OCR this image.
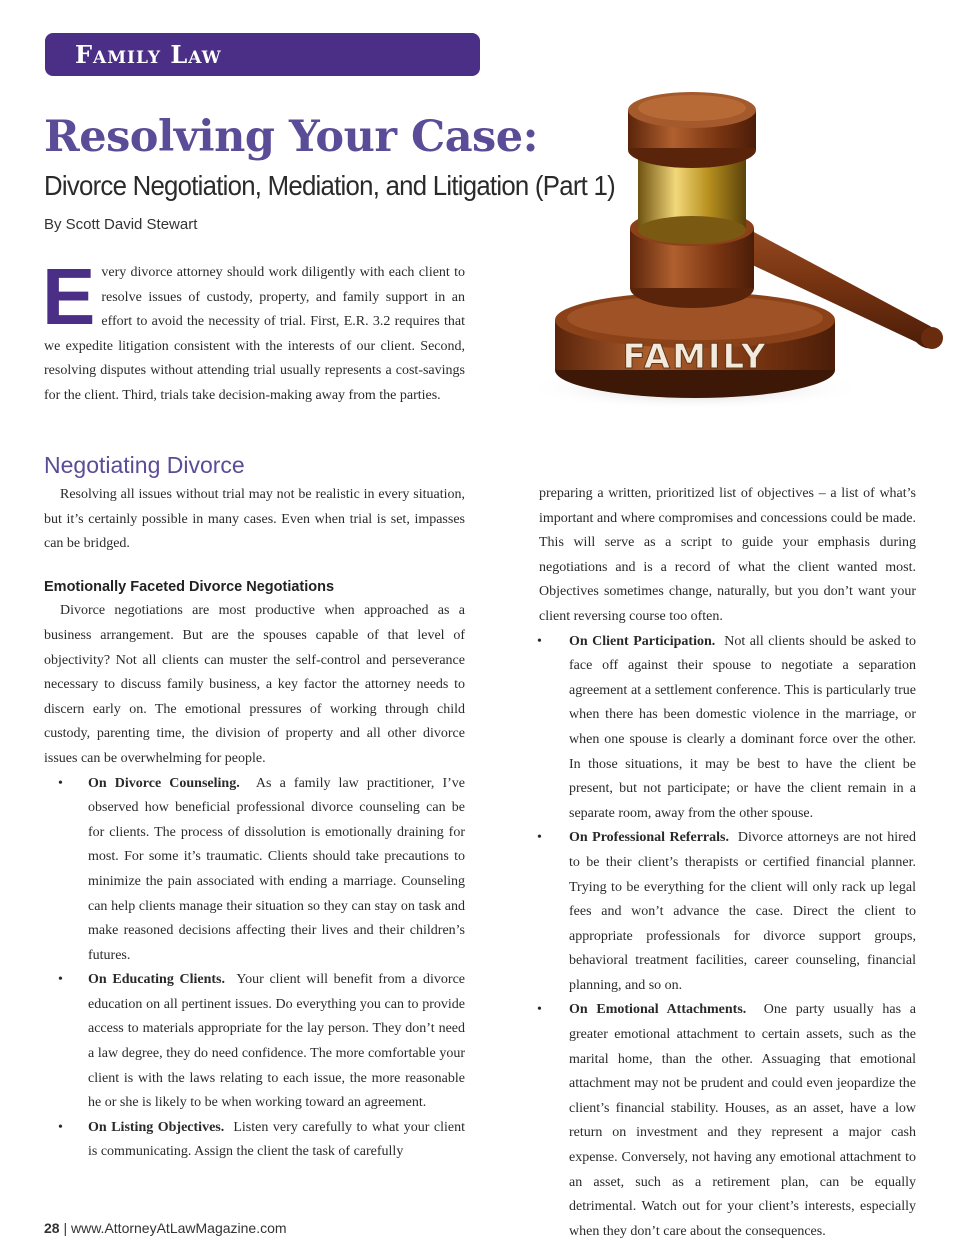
Family Law
Resolving Your Case:
Divorce Negotiation, Mediation, and Litigation (Part 1)
By Scott David Stewart
E very divorce attorney should work diligently with each client to resolve issues of custody, property, and family support in an effort to avoid the necessity of trial. First, E.R. 3.2 requires that we expedite litigation consistent with the interests of our client. Second, resolving disputes without attending trial usually represents a cost-savings for the client. Third, trials take decision-making away from the parties.
FAMILY
Negotiating Divorce

Resolving all issues without trial may not be realistic in every situation, but it’s certainly possible in many cases. Even when trial is set, impasses can be bridged.

Emotionally Faceted Divorce Negotiations

Divorce negotiations are most productive when approached as a business arrangement. But are the spouses capable of that level of objectivity? Not all clients can muster the self-control and perseverance necessary to discuss family business, a key factor the attorney needs to discern early on. The emotional pressures of working through child custody, parenting time, the division of property and all other divorce issues can be overwhelming for people.

• On Divorce Counseling. As a family law practitioner, I’ve observed how beneficial professional divorce counseling can be for clients. The process of dissolution is emotionally draining for most. For some it’s traumatic. Clients should take precautions to minimize the pain associated with ending a marriage. Counseling can help clients manage their situation so they can stay on task and make reasoned decisions affecting their lives and their children’s futures.
• On Educating Clients. Your client will benefit from a divorce education on all pertinent issues. Do everything you can to provide access to materials appropriate for the lay person. They don’t need a law degree, they do need confidence. The more comfortable your client is with the laws relating to each issue, the more reasonable he or she is likely to be when working toward an agreement.
• On Listing Objectives. Listen very carefully to what your client is communicating. Assign the client the task of carefully

preparing a written, prioritized list of objectives – a list of what’s important and where compromises and concessions could be made. This will serve as a script to guide your emphasis during negotiations and is a record of what the client wanted most. Objectives sometimes change, naturally, but you don’t want your client reversing course too often.

• On Client Participation. Not all clients should be asked to face off against their spouse to negotiate a separation agreement at a settlement conference. This is particularly true when there has been domestic violence in the marriage, or when one spouse is clearly a dominant force over the other. In those situations, it may be best to have the client be present, but not participate; or have the client remain in a separate room, away from the other spouse.
• On Professional Referrals. Divorce attorneys are not hired to be their client’s therapists or certified financial planner. Trying to be everything for the client will only rack up legal fees and won’t advance the case. Direct the client to appropriate professionals for divorce support groups, behavioral treatment facilities, career counseling, financial planning, and so on.
• On Emotional Attachments. One party usually has a greater emotional attachment to certain assets, such as the marital home, than the other. Assuaging that emotional attachment may not be prudent and could even jeopardize the client’s financial stability. Houses, as an asset, have a low return on investment and they represent a major cash expense. Conversely, not having any emotional attachment to an asset, such as a retirement plan, can be equally detrimental. Watch out for your client’s interests, especially when they don’t care about the consequences.
28 | www.AttorneyAtLawMagazine.com
